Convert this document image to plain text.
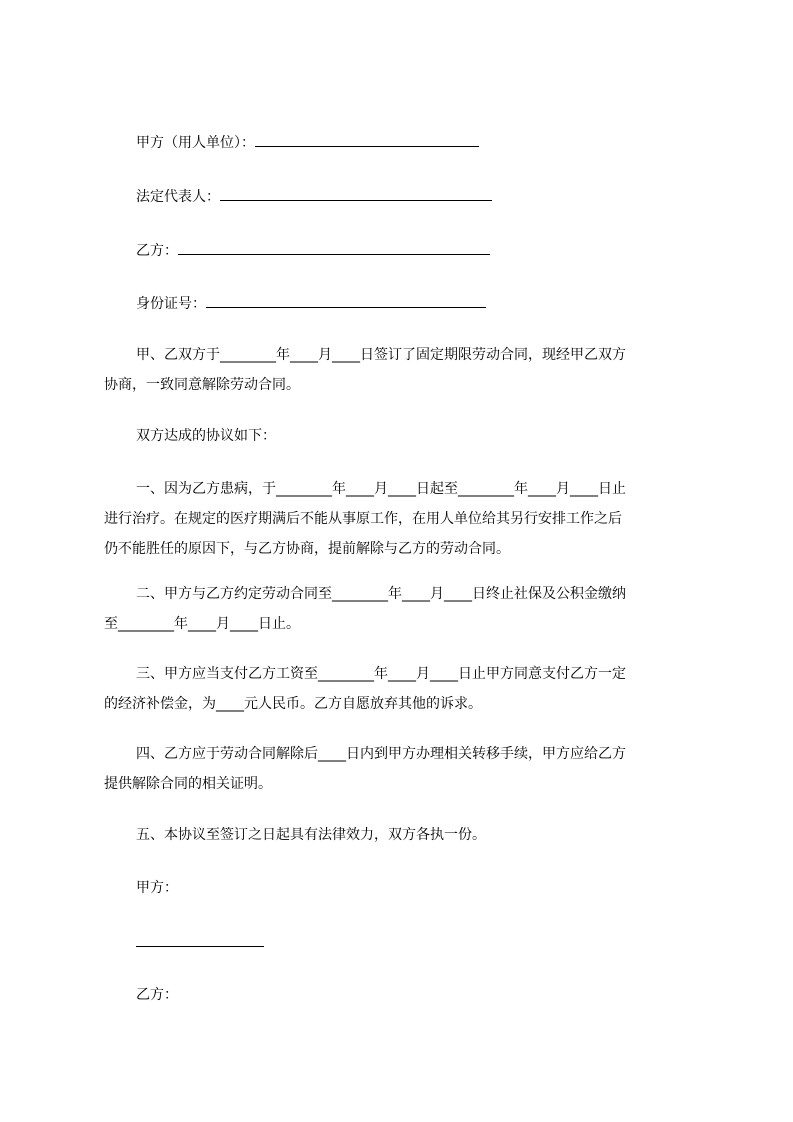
甲方（用人单位）：
法定代表人：
乙方：
身份证号：
甲、乙双方于________年____月____日签订了固定期限劳动合同，现经甲乙双方
协商，一致同意解除劳动合同。
双方达成的协议如下：
一、因为乙方患病，于________年____月____日起至________年____月____日止
进行治疗。在规定的医疗期满后不能从事原工作，在用人单位给其另行安排工作之后
仍不能胜任的原因下，与乙方协商，提前解除与乙方的劳动合同。
二、甲方与乙方约定劳动合同至________年____月____日终止社保及公积金缴纳
至________年____月____日止。
三、甲方应当支付乙方工资至________年____月____日止甲方同意支付乙方一定
的经济补偿金，为____元人民币。乙方自愿放弃其他的诉求。
四、乙方应于劳动合同解除后____日内到甲方办理相关转移手续，甲方应给乙方
提供解除合同的相关证明。
五、本协议至签订之日起具有法律效力，双方各执一份。
甲方：
乙方：
